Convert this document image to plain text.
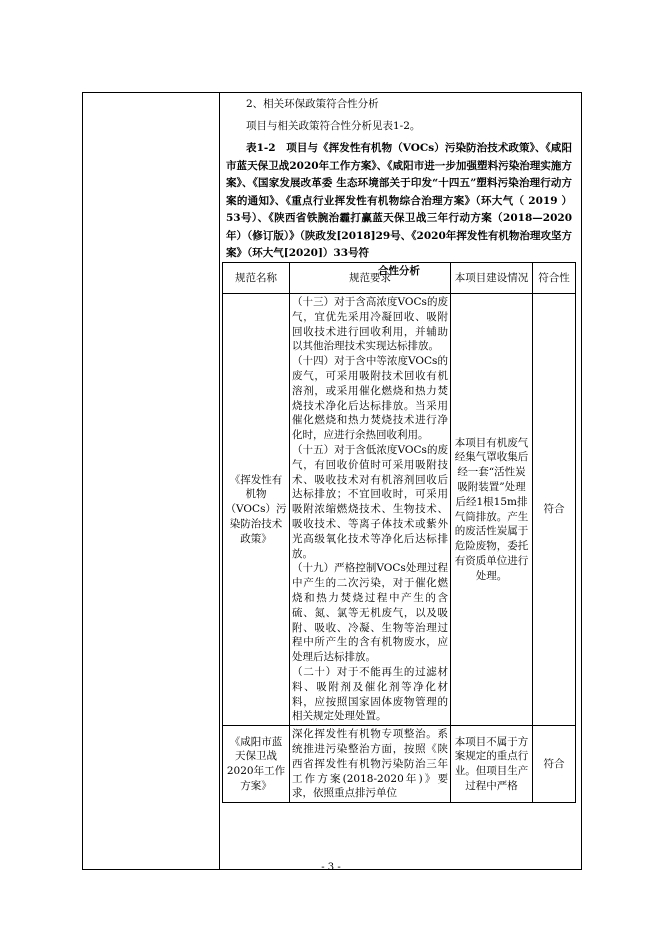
2、相关环保政策符合性分析

项目与相关政策符合性分析见表1-2。

表1-2　项目与《挥发性有机物（VOCs）污染防治技术政策》、《咸阳市蓝天保卫战2020年工作方案》、《咸阳市进一步加强塑料污染治理实施方案》、《国家发展改革委 生态环境部关于印发“十四五”塑料污染治理行动方案的通知》、《重点行业挥发性有机物综合治理方案》（环大气（ 2019 ）53号）、《陕西省铁腕治霾打赢蓝天保卫战三年行动方案（2018—2020年）（修订版）》（陕政发[2018]29号、《2020年挥发性有机物治理攻坚方案》（环大气[2020]）33号符
合性分析
规范名称	规范要求	本项目建设情况	符合性
《挥发性有机物（VOCs）污染防治技术政策》	（十三）对于含高浓度VOCs的废气，宜优先采用冷凝回收、吸附回收技术进行回收利用，并辅助以其他治理技术实现达标排放。
（十四）对于含中等浓度VOCs的废气，可采用吸附技术回收有机溶剂，或采用催化燃烧和热力焚烧技术净化后达标排放。当采用催化燃烧和热力焚烧技术进行净化时，应进行余热回收利用。
（十五）对于含低浓度VOCs的废气，有回收价值时可采用吸附技术、吸收技术对有机溶剂回收后达标排放；不宜回收时，可采用吸附浓缩燃烧技术、生物技术、吸收技术、等离子体技术或紫外光高级氧化技术等净化后达标排放。
（十九）严格控制VOCs处理过程中产生的二次污染，对于催化燃烧和热力焚烧过程中产生的含硫、氮、氯等无机废气，以及吸附、吸收、冷凝、生物等治理过程中所产生的含有机物废水，应处理后达标排放。
（二十）对于不能再生的过滤材料、吸附剂及催化剂等净化材料，应按照国家固体废物管理的相关规定处理处置。	本项目有机废气经集气罩收集后经一套“活性炭吸附装置”处理后经1根15m排气筒排放。产生的废活性炭属于危险废物，委托有资质单位进行处理。	符合
《咸阳市蓝天保卫战2020年工作方案》	深化挥发性有机物专项整治。系统推进污染整治方面，按照《陕西省挥发性有机物污染防治三年工作方案(2018-2020年)》要求，依照重点排污单位	本项目不属于方案规定的重点行业。但项目生产过程中严格	符合
- 3 -
